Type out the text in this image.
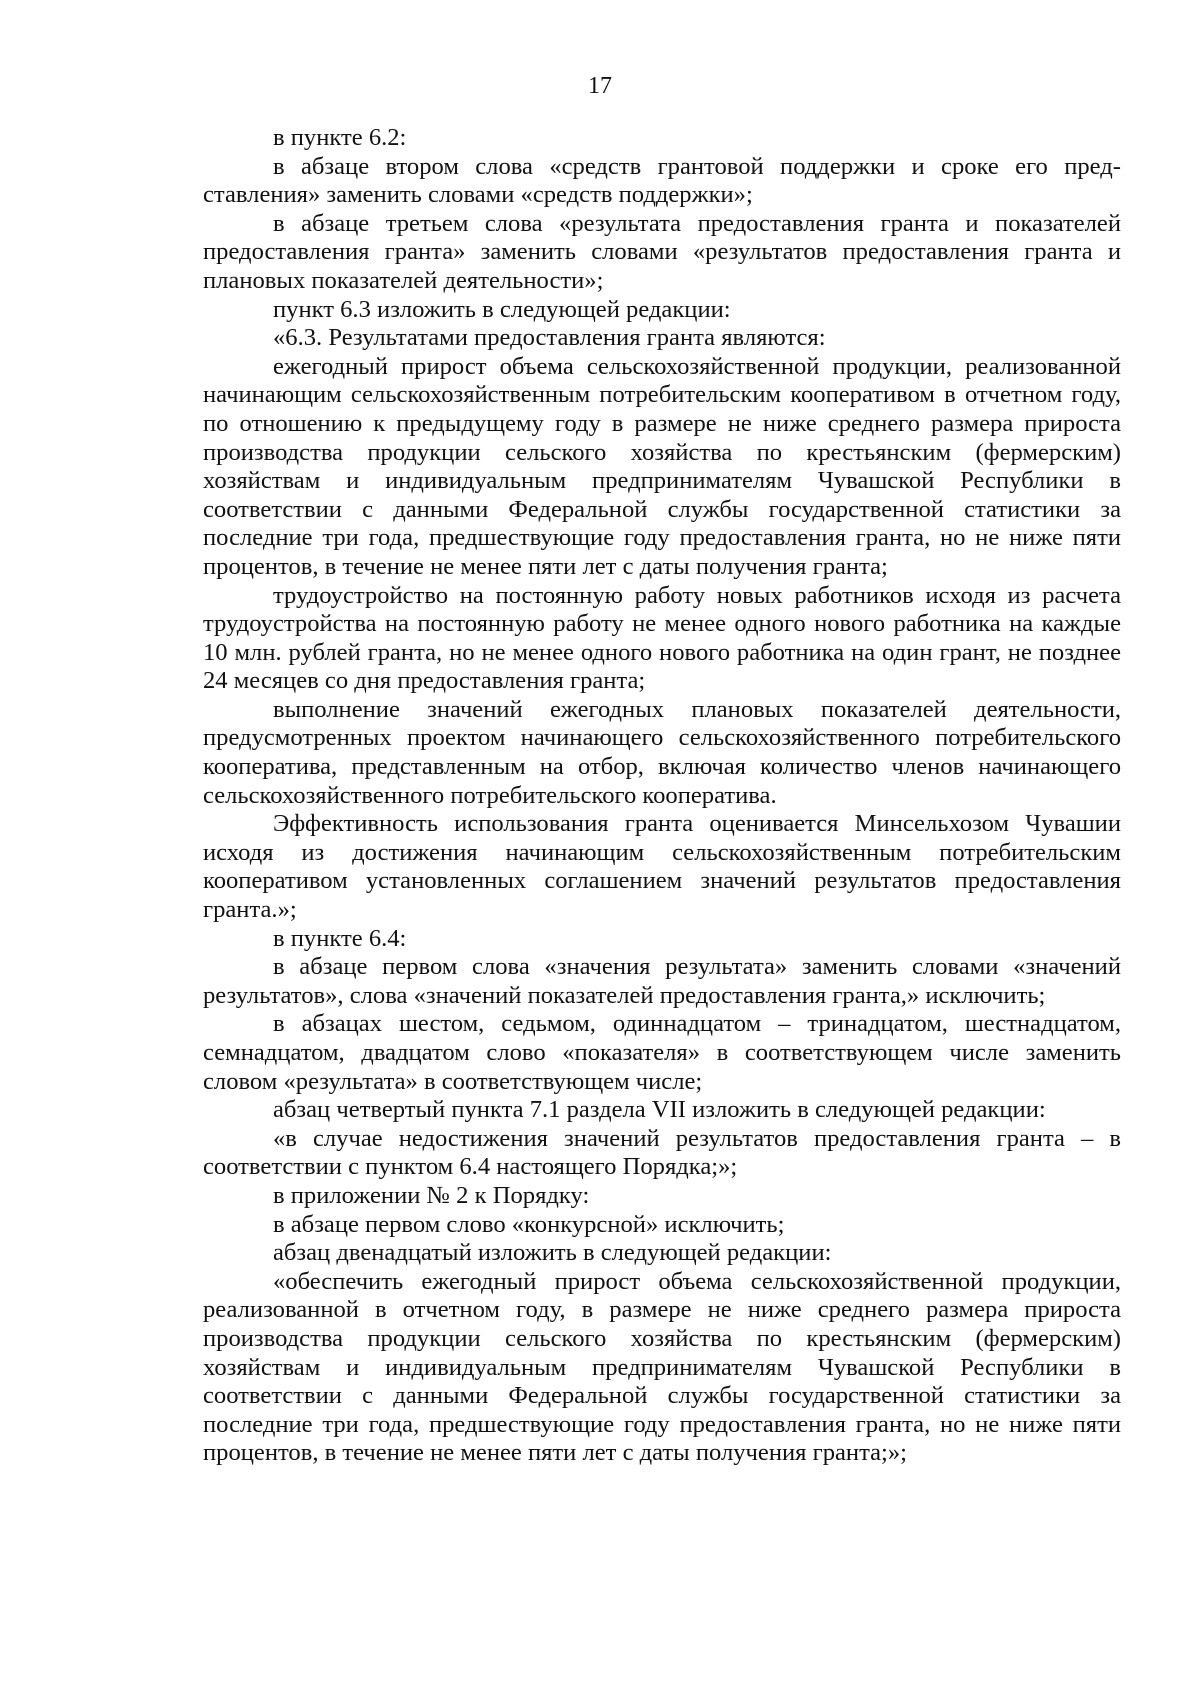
17

в пункте 6.2:

в абзаце втором слова «средств грантовой поддержки и сроке его представления» заменить словами «средств поддержки»;

в абзаце третьем слова «результата предоставления гранта и показателей предоставления гранта» заменить словами «результатов предоставления гранта и плановых показателей деятельности»;

пункт 6.3 изложить в следующей редакции:

«6.3. Результатами предоставления гранта являются:

ежегодный прирост объема сельскохозяйственной продукции, реализованной начинающим сельскохозяйственным потребительским кооперативом в отчетном году, по отношению к предыдущему году в размере не ниже среднего размера прироста производства продукции сельского хозяйства по крестьянским (фермерским) хозяйствам и индивидуальным предпринимателям Чувашской Республики в соответствии с данными Федеральной службы государственной статистики за последние три года, предшествующие году предоставления гранта, но не ниже пяти процентов, в течение не менее пяти лет с даты получения гранта;

трудоустройство на постоянную работу новых работников исходя из расчета трудоустройства на постоянную работу не менее одного нового работника на каждые 10 млн. рублей гранта, но не менее одного нового работника на один грант, не позднее 24 месяцев со дня предоставления гранта;

выполнение значений ежегодных плановых показателей деятельности, предусмотренных проектом начинающего сельскохозяйственного потребительского кооператива, представленным на отбор, включая количество членов начинающего сельскохозяйственного потребительского кооператива.

Эффективность использования гранта оценивается Минсельхозом Чувашии исходя из достижения начинающим сельскохозяйственным потребительским кооперативом установленных соглашением значений результатов предоставления гранта.»;

в пункте 6.4:

в абзаце первом слова «значения результата» заменить словами «значений результатов», слова «значений показателей предоставления гранта,» исключить;

в абзацах шестом, седьмом, одиннадцатом – тринадцатом, шестнадцатом, семнадцатом, двадцатом слово «показателя» в соответствующем числе заменить словом «результата» в соответствующем числе;

абзац четвертый пункта 7.1 раздела VII изложить в следующей редакции:

«в случае недостижения значений результатов предоставления гранта – в соответствии с пунктом 6.4 настоящего Порядка;»;

в приложении № 2 к Порядку:

в абзаце первом слово «конкурсной» исключить;

абзац двенадцатый изложить в следующей редакции:

«обеспечить ежегодный прирост объема сельскохозяйственной продукции, реализованной в отчетном году, в размере не ниже среднего размера прироста производства продукции сельского хозяйства по крестьянским (фермерским) хозяйствам и индивидуальным предпринимателям Чувашской Республики в соответствии с данными Федеральной службы государственной статистики за последние три года, предшествующие году предоставления гранта, но не ниже пяти процентов, в течение не менее пяти лет с даты получения гранта;»;
